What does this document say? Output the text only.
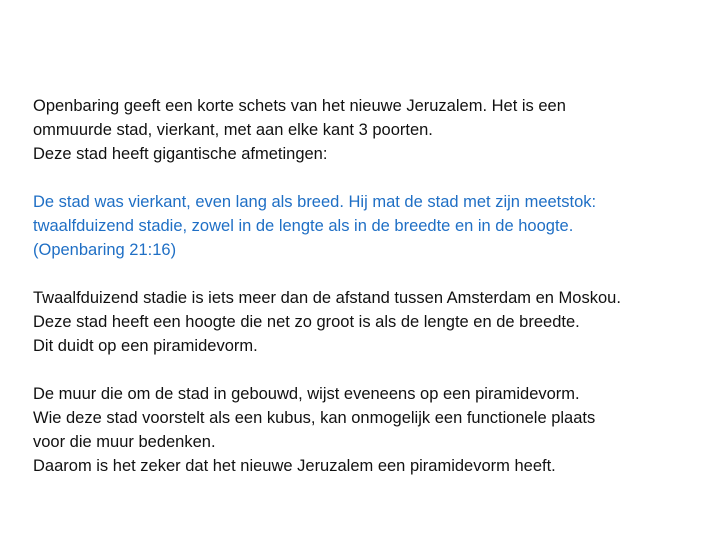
Openbaring geeft een korte schets van het nieuwe Jeruzalem. Het is een
ommuurde stad, vierkant, met aan elke kant 3 poorten.
Deze stad heeft gigantische afmetingen:

De stad was vierkant, even lang als breed. Hij mat de stad met zijn meetstok:
twaalfduizend stadie, zowel in de lengte als in de breedte en in de hoogte.
(Openbaring 21:16)

Twaalfduizend stadie is iets meer dan de afstand tussen Amsterdam en Moskou.
Deze stad heeft een hoogte die net zo groot is als de lengte en de breedte.
Dit duidt op een piramidevorm.

De muur die om de stad in gebouwd, wijst eveneens op een piramidevorm.
Wie deze stad voorstelt als een kubus, kan onmogelijk een functionele plaats
voor die muur bedenken.
Daarom is het zeker dat het nieuwe Jeruzalem een piramidevorm heeft.
